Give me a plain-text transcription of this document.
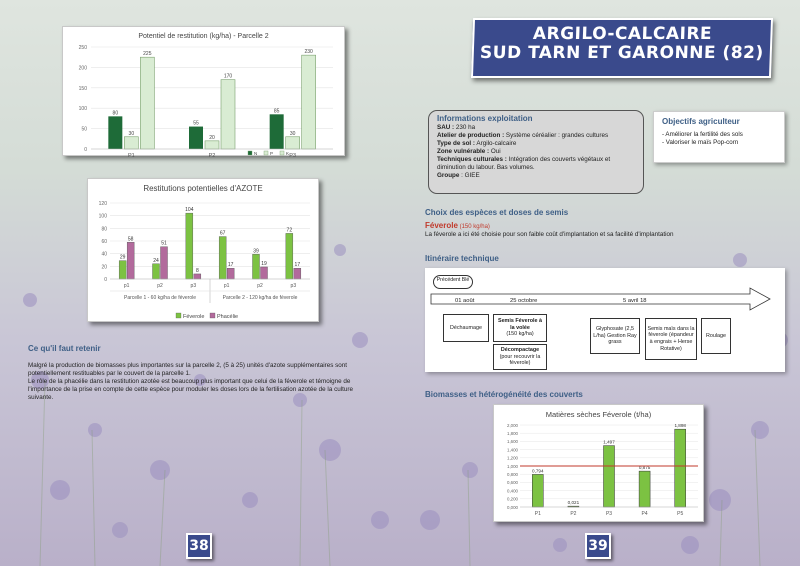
Potentiel de restitution (kg/ha) - Parcelle 2
0
50
100
150
200
250
80
30
225
P1
55
20
170
P2
85
30
230
P3
N	P	K
Restitutions potentielles d'AZOTE
0
20
40
60
80
100
120
29
58
p1
24
51
p2
104
8
p3
67
17
p1
39
19
p2
72
17
p3
Parcelle 1 - 60 kg/ha de féverole	Parcelle 2 - 120 kg/ha de féverole
Féverole Phacélie
Ce qu'il faut retenir
Malgré la production de biomasses plus importantes sur la parcelle 2, (5 à 25) unités d'azote supplémentaires sont potentiellement restituables par le couvert de la parcelle 1.
Le rôle de la phacélie dans la restitution azotée est beaucoup plus important que celui de la féverole et témoigne de l'importance de la prise en compte de cette espèce pour moduler les doses lors de la fertilisation azotée de la culture suivante.
38
ARGILO-CALCAIRE
SUD TARN ET GARONNE (82)
Informations exploitation
SAU : 230 ha
Atelier de production : Système céréalier : grandes cultures
Type de sol : Argilo-calcaire
Zone vulnérable : Oui
Techniques culturales : Intégration des couverts végétaux et diminution du labour. Bas volumes.
Groupe : GIEE
Objectifs agriculteur
- Améliorer la fertilité des sols
- Valoriser le maïs Pop-corn
Choix des espèces et doses de semis
Féverole (150 kg/ha)
La féverole a ici été choisie pour son faible coût d'implantation et sa facilité d'implantation
Itinéraire technique
Précédent Blé
01 août	25 octobre	5 avril 18
Déchaumage
Semis Féverole à la volée
(150 kg/ha)
Décompactage
(pour recouvrir la féverole)
Glyphosate (2,5 L/ha) Gestion Ray grass
Semis maïs dans la féverole (épandeur à engrais + Herse Rotative)
Roulage
Biomasses et hétérogénéité des couverts
Matières sèches Féverole (t/ha)
0,000
0,200
0,400
0,600
0,800
1,000
1,200
1,400
1,600
1,800
2,000
0,794
P1
0,021
P2
1,497
P3
0,875
P4
1,898
P5
39
